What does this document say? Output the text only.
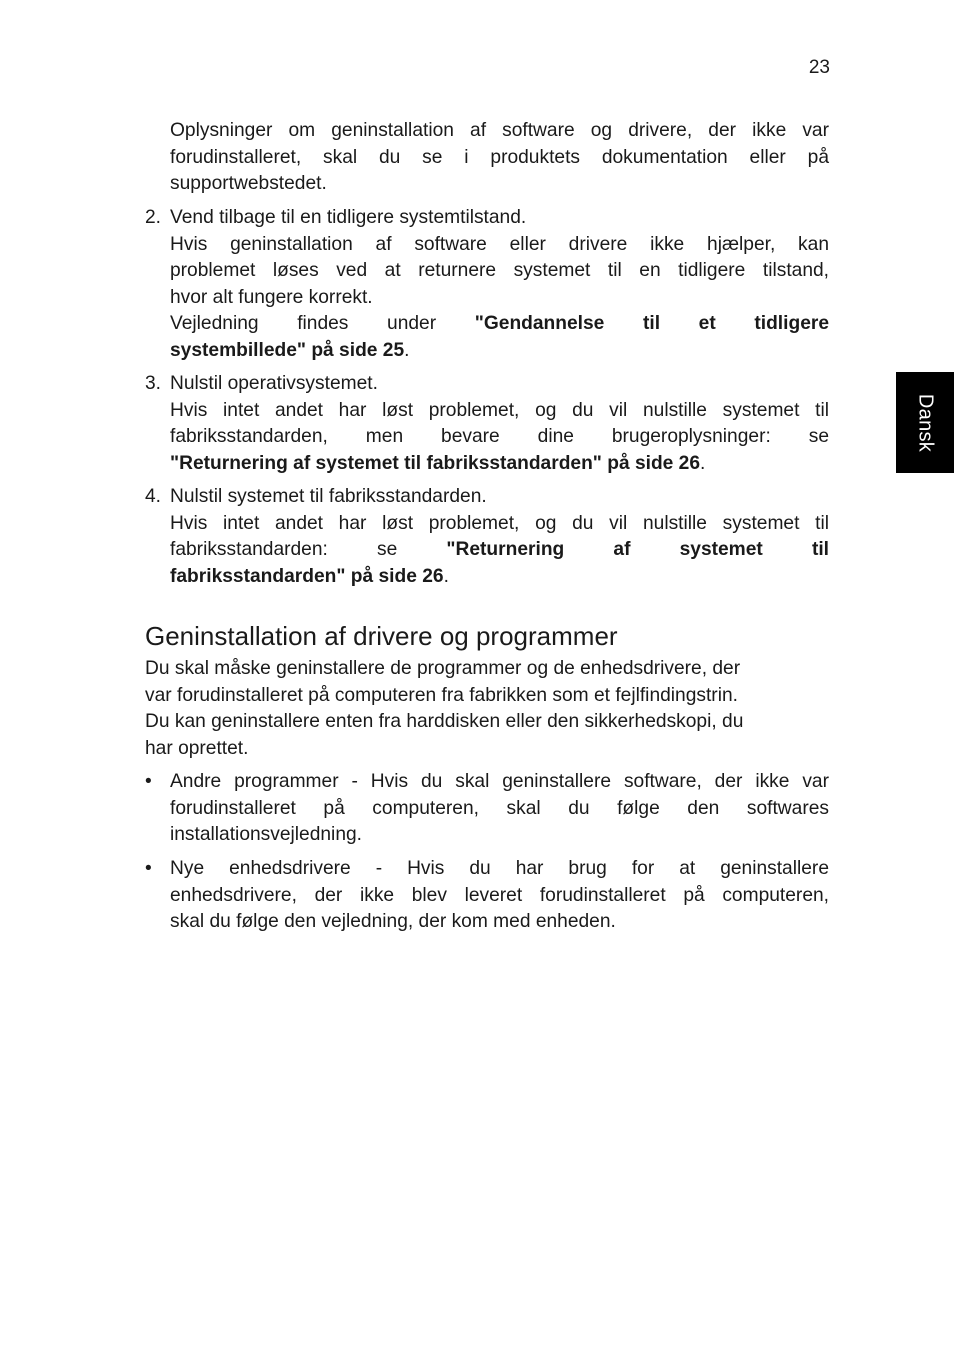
23
Dansk
Oplysninger om geninstallation af software og drivere, der ikke var
forudinstalleret, skal du se i produktets dokumentation eller på
supportwebstedet.
2. Vend tilbage til en tidligere systemtilstand.
Hvis geninstallation af software eller drivere ikke hjælper, kan
problemet løses ved at returnere systemet til en tidligere tilstand,
hvor alt fungere korrekt.
Vejledning findes under "Gendannelse til et tidligere
systembillede" på side 25.
3. Nulstil operativsystemet.
Hvis intet andet har løst problemet, og du vil nulstille systemet til
fabriksstandarden, men bevare dine brugeroplysninger: se
"Returnering af systemet til fabriksstandarden" på side 26.
4. Nulstil systemet til fabriksstandarden.
Hvis intet andet har løst problemet, og du vil nulstille systemet til
fabriksstandarden: se "Returnering af systemet til
fabriksstandarden" på side 26.
Geninstallation af drivere og programmer
Du skal måske geninstallere de programmer og de enhedsdrivere, der
var forudinstalleret på computeren fra fabrikken som et fejlfindingstrin.
Du kan geninstallere enten fra harddisken eller den sikkerhedskopi, du
har oprettet.
• Andre programmer - Hvis du skal geninstallere software, der ikke var
forudinstalleret på computeren, skal du følge den softwares
installationsvejledning.
• Nye enhedsdrivere - Hvis du har brug for at geninstallere
enhedsdrivere, der ikke blev leveret forudinstalleret på computeren,
skal du følge den vejledning, der kom med enheden.
